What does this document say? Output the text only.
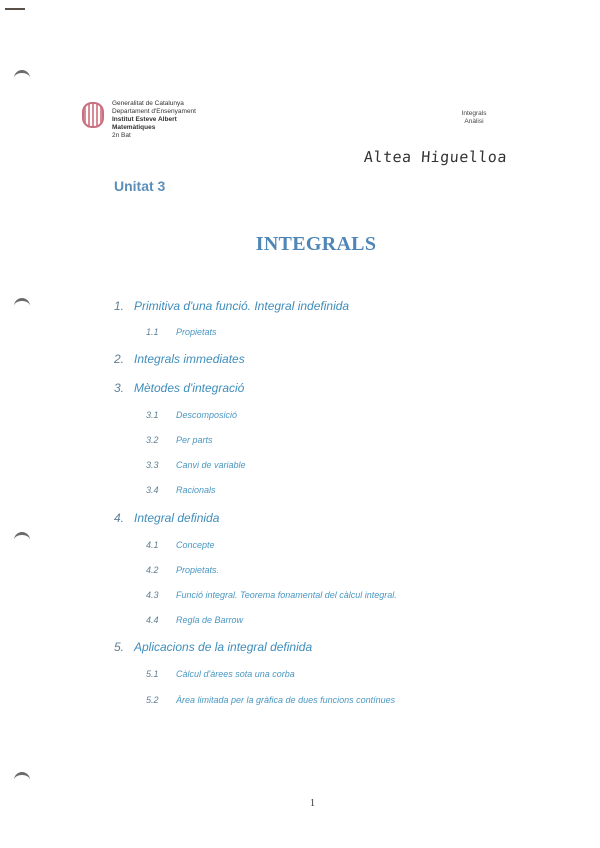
Generalitat de Catalunya
Departament d'Ensenyament
Institut Esteve Albert
Matemàtiques
2n Bat
Integrals
Anàlisi
Altea Higuelloa
Unitat 3
INTEGRALS
1. Primitiva d'una funció. Integral indefinida
1.1 Propietats
2. Integrals immediates
3. Mètodes d'integració
3.1 Descomposició
3.2 Per parts
3.3 Canvi de variable
3.4 Racionals
4. Integral definida
4.1 Concepte
4.2 Propietats.
4.3 Funció integral. Teorema fonamental del càlcul integral.
4.4 Regla de Barrow
5. Aplicacions de la integral definida
5.1 Càlcul d'àrees sota una corba
5.2 Àrea limitada per la gràfica de dues funcions contínues
1
